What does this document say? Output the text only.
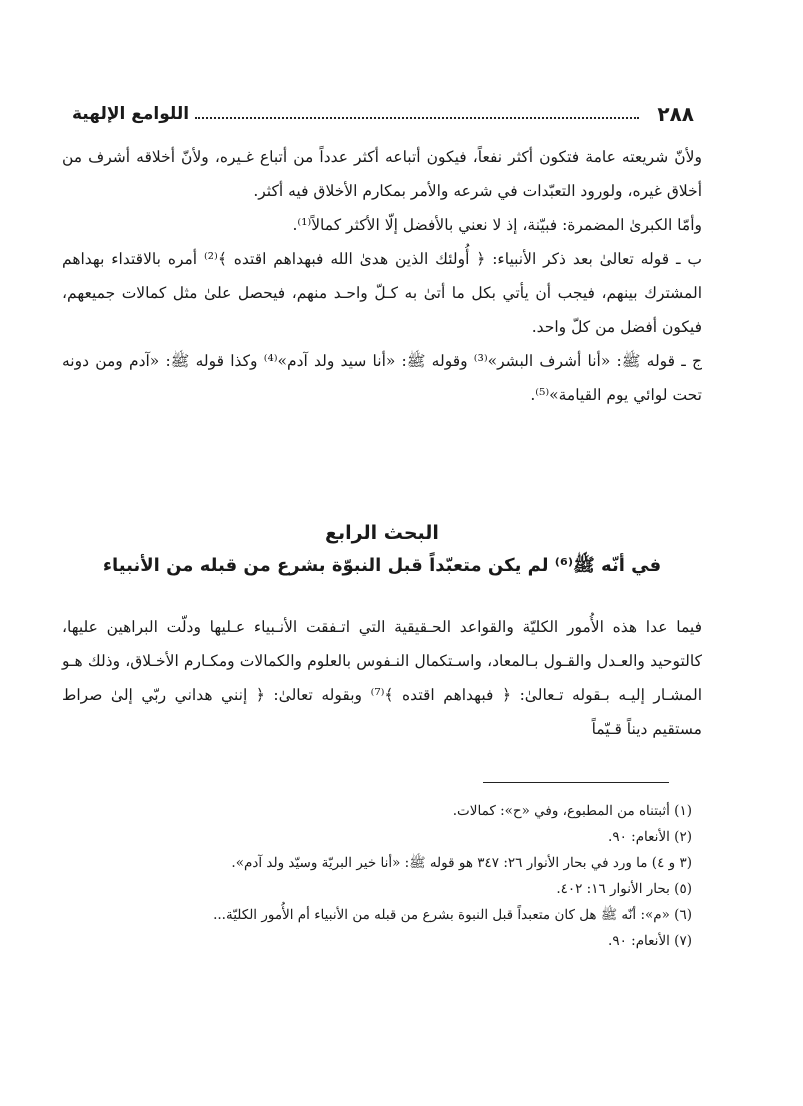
٢٨٨
اللوامع الإلهية

ولأنّ شريعته عامة فتكون أكثر نفعاً، فيكون أتباعه أكثر عدداً من أتباع غـيره، ولأنّ أخلاقه أشرف من أخلاق غيره، ولورود التعبّدات في شرعه والأمر بمكارم الأخلاق فيه أكثر.

وأمّا الكبرىٰ المضمرة: فبيّنة، إذ لا نعني بالأفضل إلّا الأكثر كمالاً⁽¹⁾.

ب ـ قوله تعالىٰ بعد ذكر الأنبياء: ﴿ أُولئك الذين هدىٰ الله فبهداهم اقتده ﴾⁽²⁾ أمره بالاقتداء بهداهم المشترك بينهم، فيجب أن يأتي بكل ما أتىٰ به كـلّ واحـد منهم، فيحصل علىٰ مثل كمالات جميعهم، فيكون أفضل من كلّ واحد.

ج ـ قوله ﷺ: «أنا أشرف البشر»⁽³⁾ وقوله ﷺ: «أنا سيد ولد آدم»⁽⁴⁾ وكذا قوله ﷺ: «آدم ومن دونه تحت لوائي يوم القيامة»⁽⁵⁾.

البحث الرابع
في أنّه ﷺ⁽⁶⁾ لم يكن متعبّداً قبل النبوّة بشرع من قبله من الأنبياء

فيما عدا هذه الأُمور الكليّة والقواعد الحـقيقية التي اتـفقت الأنـبياء عـليها ودلّت البراهين عليها، كالتوحيد والعـدل والقـول بـالمعاد، واسـتكمال النـفوس بالعلوم والكمالات ومكـارم الأخـلاق، وذلك هـو المشـار إليـه بـقوله تـعالىٰ: ﴿ فبهداهم اقتده ﴾⁽⁷⁾ وبقوله تعالىٰ: ﴿ إنني هداني ربّي إلىٰ صراط مستقيم ديناً قـيّماً

(١) أثبتناه من المطبوع، وفي «ح»: كمالات.
(٢) الأنعام: ٩٠.
(٣ و ٤) ما ورد في بحار الأنوار ٢٦: ٣٤٧ هو قوله ﷺ: «أنا خير البريّة وسيّد ولد آدم».
(٥) بحار الأنوار ١٦: ٤٠٢.
(٦) «م»: أنّه ﷺ هل كان متعبداً قبل النبوة بشرع من قبله من الأنبياء أم الأُمور الكليّة...
(٧) الأنعام: ٩٠.
